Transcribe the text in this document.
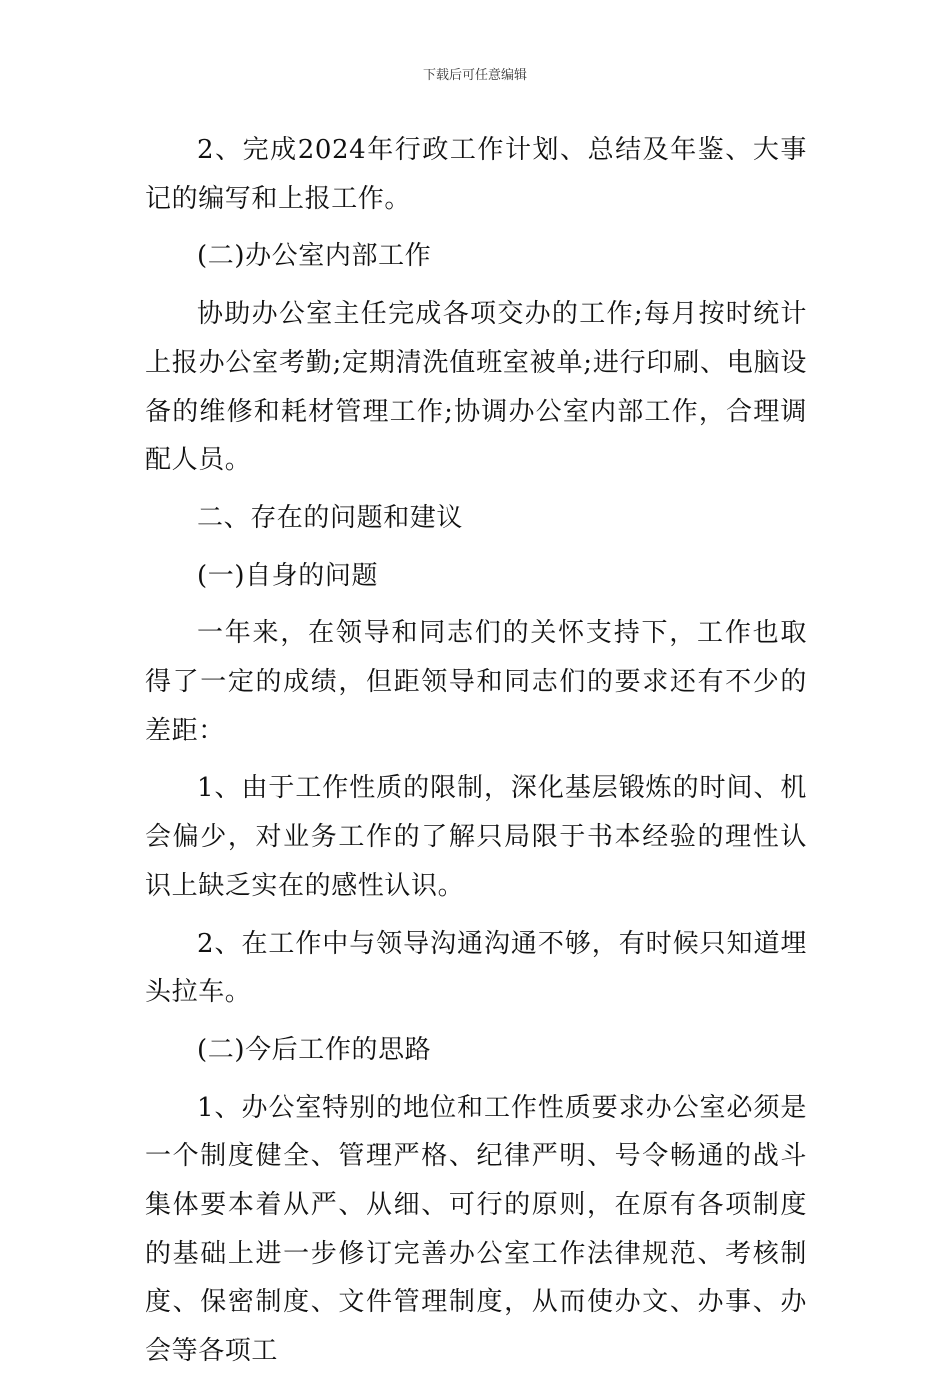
下载后可任意编辑

2、完成2024年行政工作计划、总结及年鉴、大事记的编写和上报工作。

(二)办公室内部工作

协助办公室主任完成各项交办的工作;每月按时统计上报办公室考勤;定期清洗值班室被单;进行印刷、电脑设备的维修和耗材管理工作;协调办公室内部工作，合理调配人员。

二、存在的问题和建议

(一)自身的问题

一年来，在领导和同志们的关怀支持下，工作也取得了一定的成绩，但距领导和同志们的要求还有不少的差距：

1、由于工作性质的限制，深化基层锻炼的时间、机会偏少，对业务工作的了解只局限于书本经验的理性认识上缺乏实在的感性认识。

2、在工作中与领导沟通沟通不够，有时候只知道埋头拉车。

(二)今后工作的思路

1、办公室特别的地位和工作性质要求办公室必须是一个制度健全、管理严格、纪律严明、号令畅通的战斗集体要本着从严、从细、可行的原则，在原有各项制度的基础上进一步修订完善办公室工作法律规范、考核制度、保密制度、文件管理制度，从而使办文、办事、办会等各项工
